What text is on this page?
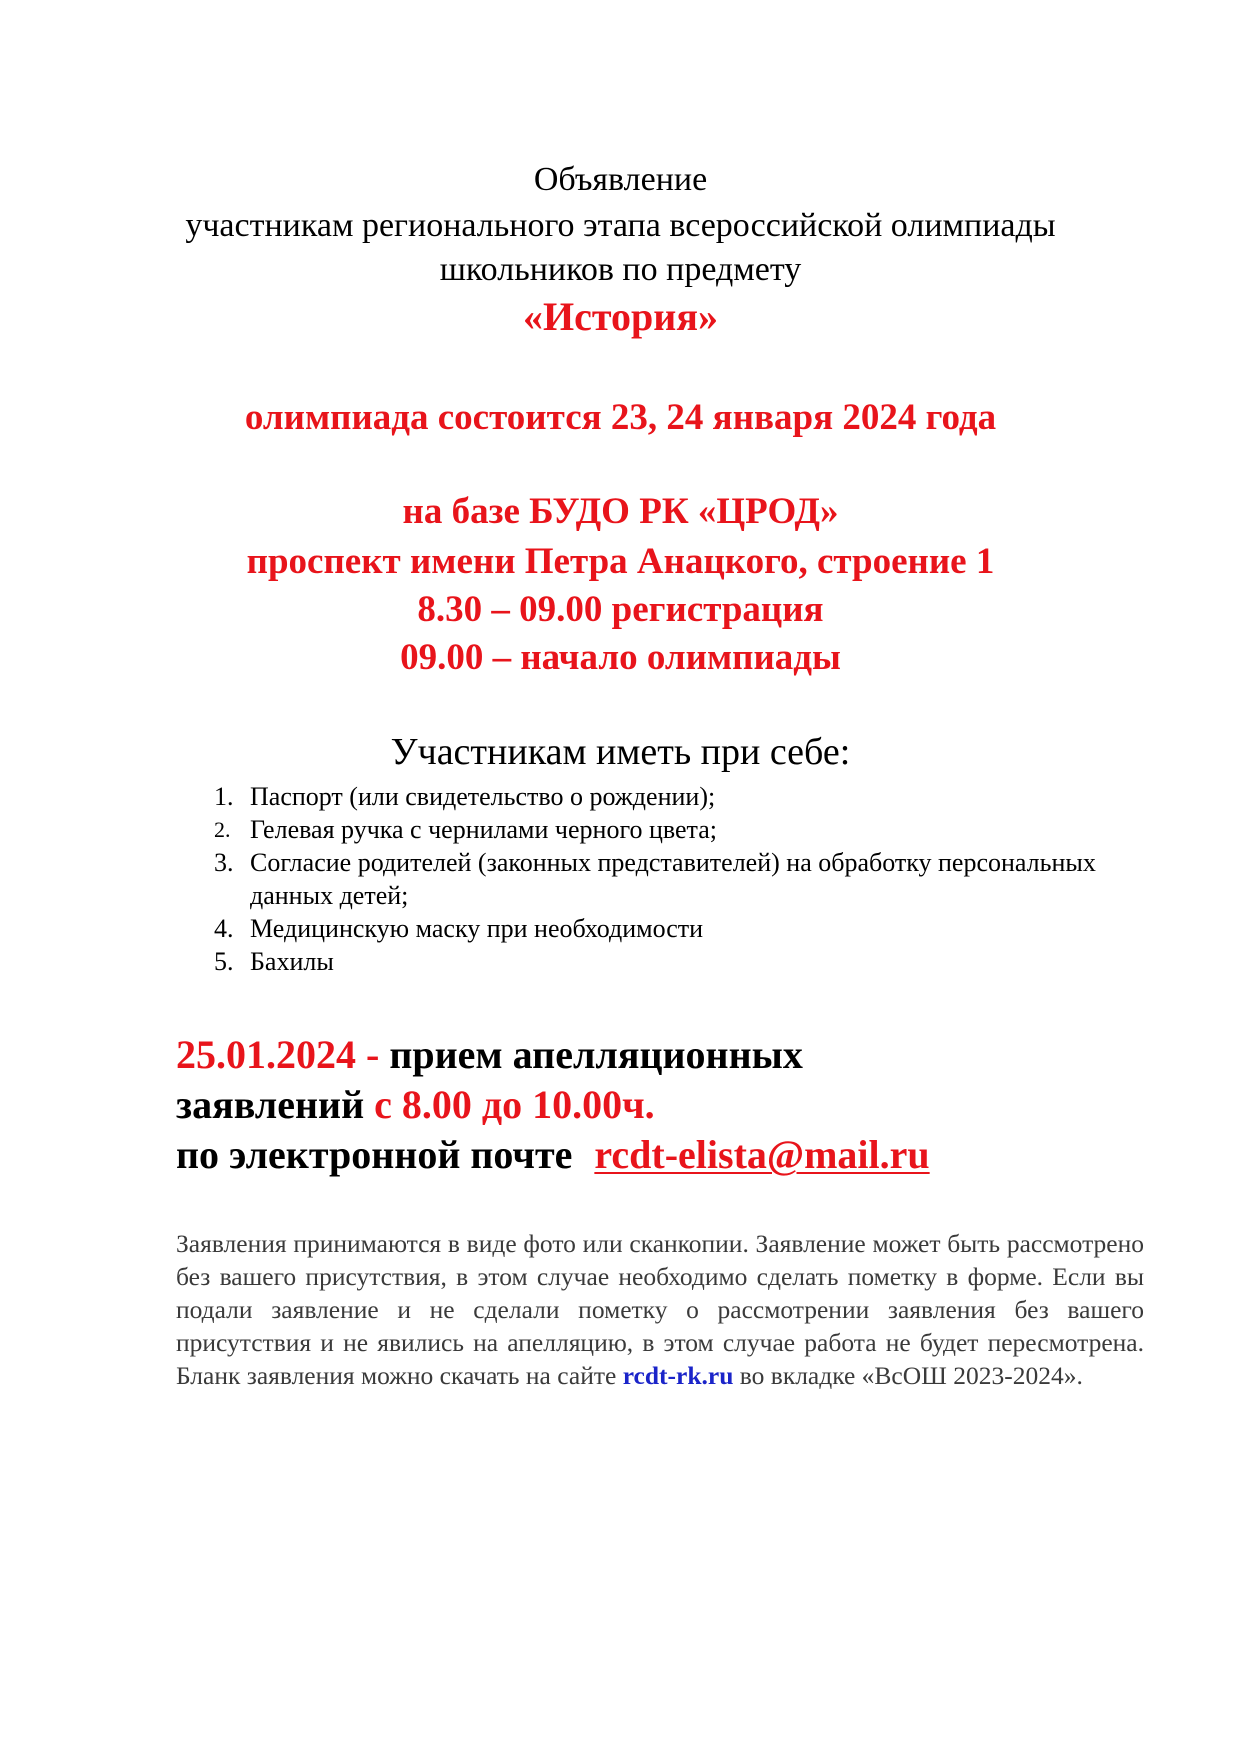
Объявление
участникам регионального этапа всероссийской олимпиады
школьников по предмету
«История»
олимпиада состоится 23, 24 января 2024 года
на базе БУДО РК «ЦРОД»
проспект имени Петра Анацкого, строение 1
8.30 – 09.00 регистрация
09.00 – начало олимпиады
Участникам иметь при себе:
1. Паспорт (или свидетельство о рождении);
2. Гелевая ручка с чернилами черного цвета;
3. Согласие родителей (законных представителей) на обработку персональных данных детей;
4. Медицинскую маску при необходимости
5. Бахилы
25.01.2024 - прием апелляционных
заявлений с 8.00 до 10.00ч.
по электронной почте rcdt-elista@mail.ru
Заявления принимаются в виде фото или сканкопии. Заявление может быть рассмотрено без вашего присутствия, в этом случае необходимо сделать пометку в форме. Если вы подали заявление и не сделали пометку о рассмотрении заявления без вашего присутствия и не явились на апелляцию, в этом случае работа не будет пересмотрена. Бланк заявления можно скачать на сайте rcdt-rk.ru во вкладке «ВсОШ 2023-2024».
